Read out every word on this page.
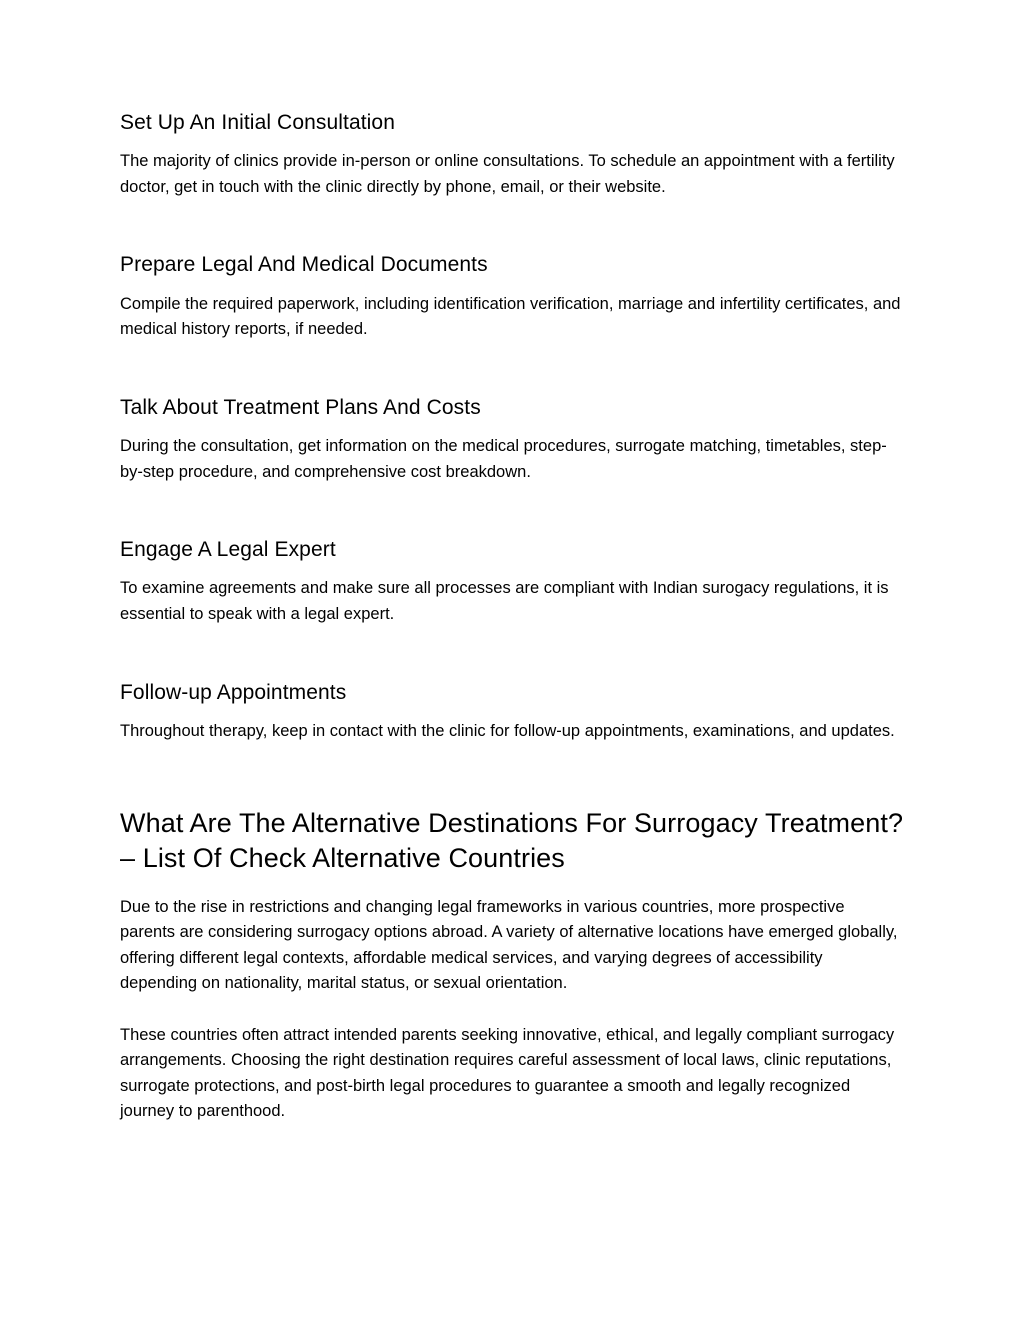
Set Up An Initial Consultation

The majority of clinics provide in-person or online consultations. To schedule an appointment with a fertility doctor, get in touch with the clinic directly by phone, email, or their website.

Prepare Legal And Medical Documents

Compile the required paperwork, including identification verification, marriage and infertility certificates, and medical history reports, if needed.

Talk About Treatment Plans And Costs

During the consultation, get information on the medical procedures, surrogate matching, timetables, step-by-step procedure, and comprehensive cost breakdown.

Engage A Legal Expert

To examine agreements and make sure all processes are compliant with Indian surogacy regulations, it is essential to speak with a legal expert.

Follow-up Appointments

Throughout therapy, keep in contact with the clinic for follow-up appointments, examinations, and updates.

What Are The Alternative Destinations For Surrogacy Treatment? – List Of Check Alternative Countries

Due to the rise in restrictions and changing legal frameworks in various countries, more prospective parents are considering surrogacy options abroad. A variety of alternative locations have emerged globally, offering different legal contexts, affordable medical services, and varying degrees of accessibility depending on nationality, marital status, or sexual orientation.

These countries often attract intended parents seeking innovative, ethical, and legally compliant surrogacy arrangements. Choosing the right destination requires careful assessment of local laws, clinic reputations, surrogate protections, and post-birth legal procedures to guarantee a smooth and legally recognized journey to parenthood.
